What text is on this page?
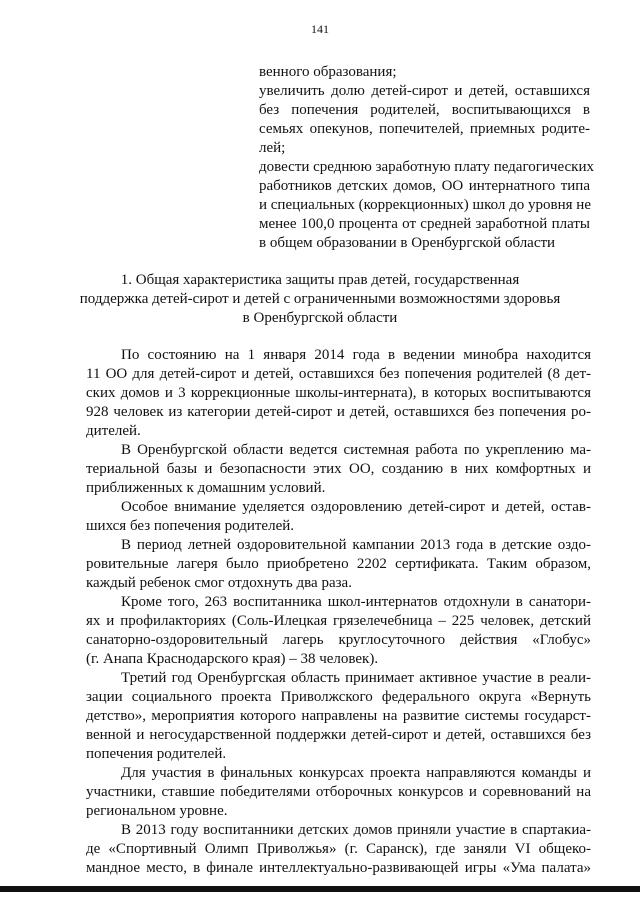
141
венного образования;
увеличить долю детей-сирот и детей, оставшихся
без попечения родителей, воспитывающихся в
семьях опекунов, попечителей, приемных родите-
лей;
довести среднюю заработную плату педагогических
работников детских домов, ОО интернатного типа
и специальных (коррекционных) школ до уровня не
менее 100,0 процента от средней заработной платы
в общем образовании в Оренбургской области
1. Общая характеристика защиты прав детей, государственная
поддержка детей-сирот и детей с ограниченными возможностями здоровья
в Оренбургской области
По состоянию на 1 января 2014 года в ведении минобра находится
11 ОО для детей-сирот и детей, оставшихся без попечения родителей (8 дет-
ских домов и 3 коррекционные школы-интерната), в которых воспитываются
928 человек из категории детей-сирот и детей, оставшихся без попечения ро-
дителей.
В Оренбургской области ведется системная работа по укреплению ма-
териальной базы и безопасности этих ОО, созданию в них комфортных и
приближенных к домашним условий.
Особое внимание уделяется оздоровлению детей-сирот и детей, остав-
шихся без попечения родителей.
В период летней оздоровительной кампании 2013 года в детские оздо-
ровительные лагеря было приобретено 2202 сертификата. Таким образом,
каждый ребенок смог отдохнуть два раза.
Кроме того, 263 воспитанника школ-интернатов отдохнули в санатори-
ях и профилакториях (Соль-Илецкая грязелечебница – 225 человек, детский
санаторно-оздоровительный лагерь круглосуточного действия «Глобус»
(г. Анапа Краснодарского края) – 38 человек).
Третий год Оренбургская область принимает активное участие в реали-
зации социального проекта Приволжского федерального округа «Вернуть
детство», мероприятия которого направлены на развитие системы государст-
венной и негосударственной поддержки детей-сирот и детей, оставшихся без
попечения родителей.
Для участия в финальных конкурсах проекта направляются команды и
участники, ставшие победителями отборочных конкурсов и соревнований на
региональном уровне.
В 2013 году воспитанники детских домов приняли участие в спартакиа-
де «Спортивный Олимп Приволжья» (г. Саранск), где заняли VI общеко-
мандное место, в финале интеллектуально-развивающей игры «Ума палата»
